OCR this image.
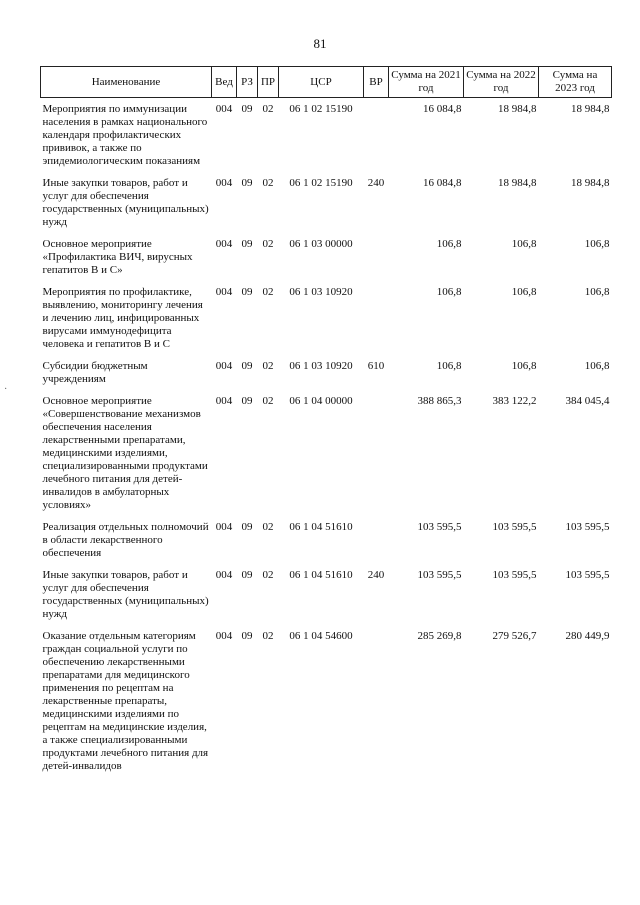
81
·
Наименование	Вед	РЗ	ПР	ЦСР	ВР	Сумма на 2021 год	Сумма на 2022 год	Сумма на 2023 год
Мероприятия по иммунизации населения в рамках национального календаря профилактических прививок, а также по эпидемиологическим показаниям	004	09	02	06 1 02 15190		16 084,8	18 984,8	18 984,8
Иные закупки товаров, работ и услуг для обеспечения государственных (муниципальных) нужд	004	09	02	06 1 02 15190	240	16 084,8	18 984,8	18 984,8
Основное мероприятие «Профилактика ВИЧ, вирусных гепатитов В и С»	004	09	02	06 1 03 00000		106,8	106,8	106,8
Мероприятия по профилактике, выявлению, мониторингу лечения и лечению лиц, инфицированных вирусами иммунодефицита человека и гепатитов В и С	004	09	02	06 1 03 10920		106,8	106,8	106,8
Субсидии бюджетным учреждениям	004	09	02	06 1 03 10920	610	106,8	106,8	106,8
Основное мероприятие «Совершенствование механизмов обеспечения населения лекарственными препаратами, медицинскими изделиями, специализированными продуктами лечебного питания для детей-инвалидов в амбулаторных условиях»	004	09	02	06 1 04 00000		388 865,3	383 122,2	384 045,4
Реализация отдельных полномочий в области лекарственного обеспечения	004	09	02	06 1 04 51610		103 595,5	103 595,5	103 595,5
Иные закупки товаров, работ и услуг для обеспечения государственных (муниципальных) нужд	004	09	02	06 1 04 51610	240	103 595,5	103 595,5	103 595,5
Оказание отдельным категориям граждан социальной услуги по обеспечению лекарственными препаратами для медицинского применения по рецептам на лекарственные препараты, медицинскими изделиями по рецептам на медицинские изделия, а также специализированными продуктами лечебного питания для детей-инвалидов	004	09	02	06 1 04 54600		285 269,8	279 526,7	280 449,9
